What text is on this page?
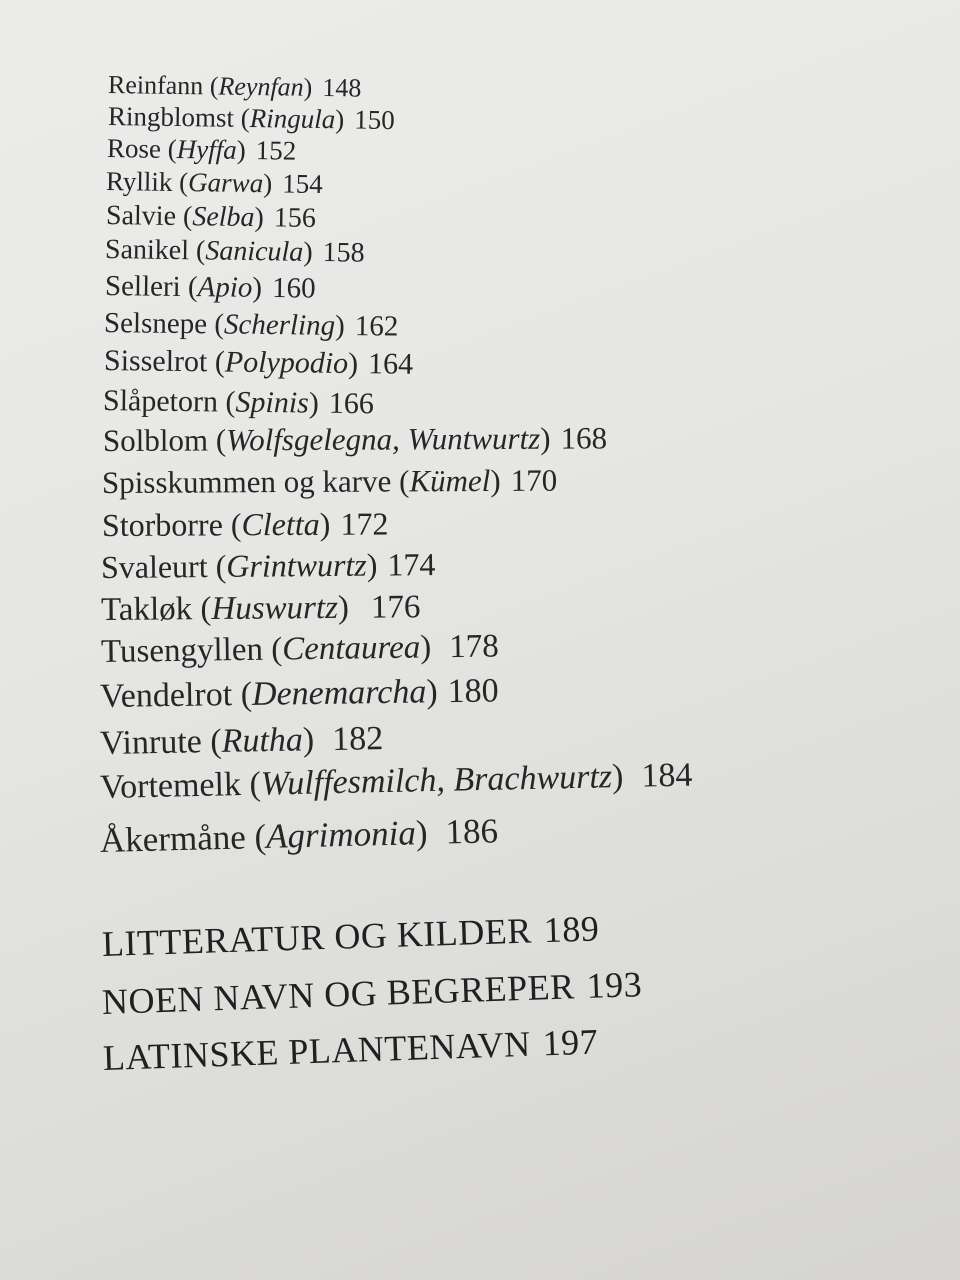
Reinfann (Reynfan) 148
Ringblomst (Ringula) 150
Rose (Hyffa) 152
Ryllik (Garwa) 154
Salvie (Selba) 156
Sanikel (Sanicula) 158
Selleri (Apio) 160
Selsnepe (Scherling) 162
Sisselrot (Polypodio) 164
Slåpetorn (Spinis) 166
Solblom (Wolfsgelegna, Wuntwurtz) 168
Spisskummen og karve (Kümel) 170
Storborre (Cletta) 172
Svaleurt (Grintwurtz) 174
Takløk (Huswurtz) 176
Tusengyllen (Centaurea) 178
Vendelrot (Denemarcha) 180
Vinrute (Rutha) 182
Vortemelk (Wulffesmilch, Brachwurtz) 184
Åkermåne (Agrimonia) 186
LITTERATUR OG KILDER 189
NOEN NAVN OG BEGREPER 193
LATINSKE PLANTENAVN 197
